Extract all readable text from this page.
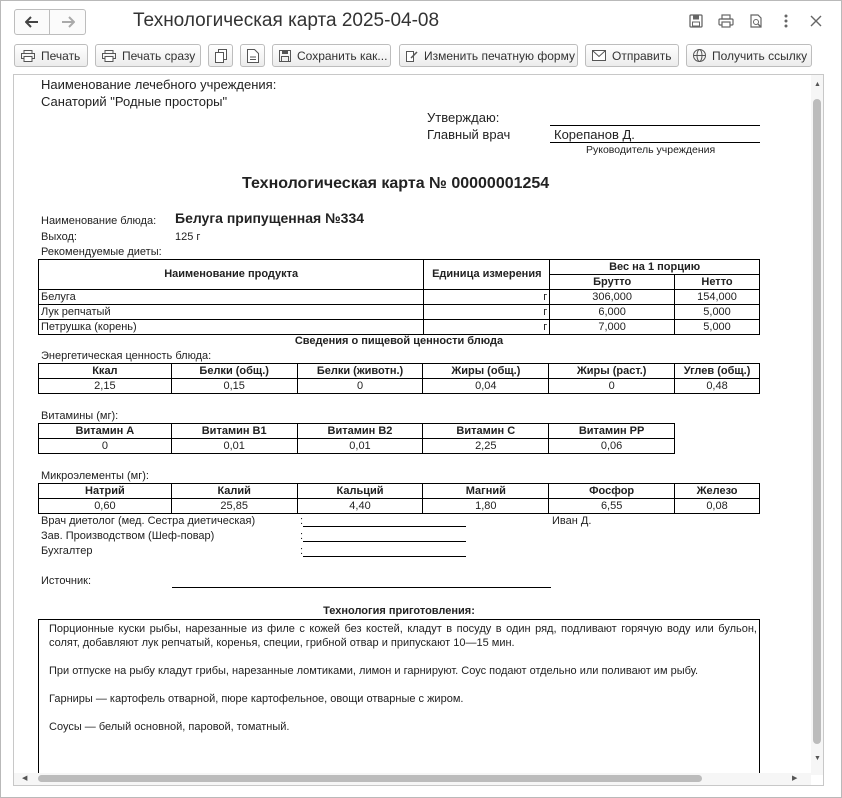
Технологическая карта 2025-04-08
Печать	Печать сразу	Сохранить как...	Изменить печатную форму	Отправить	Получить ссылку
Наименование лечебного учреждения:
Санаторий "Родные просторы"
Утверждаю:
Главный врач	Корепанов Д.
Руководитель учреждения
Технологическая карта № 00000001254
Наименование блюда: Белуга припущенная №334
Выход:	125 г
Рекомендуемые диеты:
Наименование продукта	Единица измерения	Вес на 1 порцию	
		Брутто	Нетто
Белуга	г	306,000	154,000
Лук репчатый	г	6,000	5,000
Петрушка (корень)	г	7,000	5,000
Сведения о пищевой ценности блюда
Энергетическая ценность блюда:
Ккал	Белки (общ.)	Белки (животн.)	Жиры (общ.)	Жиры (раст.)	Углев (общ.)
2,15	0,15	0	0,04	0	0,48
Витамины (мг):
Витамин А	Витамин В1	Витамин В2	Витамин С	Витамин РР
0	0,01	0,01	2,25	0,06
Микроэлементы (мг):
Натрий	Калий	Кальций	Магний	Фосфор	Железо
0,60	25,85	4,40	1,80	6,55	0,08
Врач диетолог (мед. Сестра диетическая)	:	Иван Д.
Зав. Производством (Шеф-повар)	:
Бухгалтер	:
Источник:
Технология приготовления:

Порционные куски рыбы, нарезанные из филе с кожей без костей, кладут в посуду в один ряд, подливают горячую воду или бульон, солят, добавляют лук репчатый, коренья, специи, грибной отвар и припускают 10—15 мин.

При отпуске на рыбу кладут грибы, нарезанные ломтиками, лимон и гарнируют. Соус подают отдельно или поливают им рыбу.

Гарниры — картофель отварной, пюре картофельное, овощи отварные с жиром.

Соусы — белый основной, паровой, томатный.

▲
▼
◀	▶
